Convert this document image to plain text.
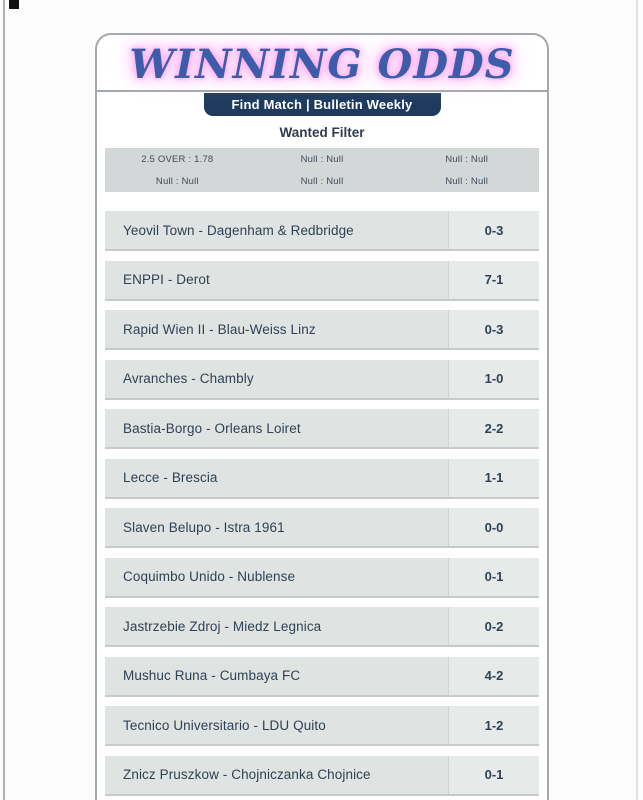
WINNING ODDS
Find Match | Bulletin Weekly
Wanted Filter
2.5 OVER : 1.78	Null : Null	Null : Null
Null : Null	Null : Null	Null : Null
Yeovil Town - Dagenham & Redbridge	0-3
ENPPI - Derot	7-1
Rapid Wien II - Blau-Weiss Linz	0-3
Avranches - Chambly	1-0
Bastia-Borgo - Orleans Loiret	2-2
Lecce - Brescia	1-1
Slaven Belupo - Istra 1961	0-0
Coquimbo Unido - Nublense	0-1
Jastrzebie Zdroj - Miedz Legnica	0-2
Mushuc Runa - Cumbaya FC	4-2
Tecnico Universitario - LDU Quito	1-2
Znicz Pruszkow - Chojniczanka Chojnice	0-1
